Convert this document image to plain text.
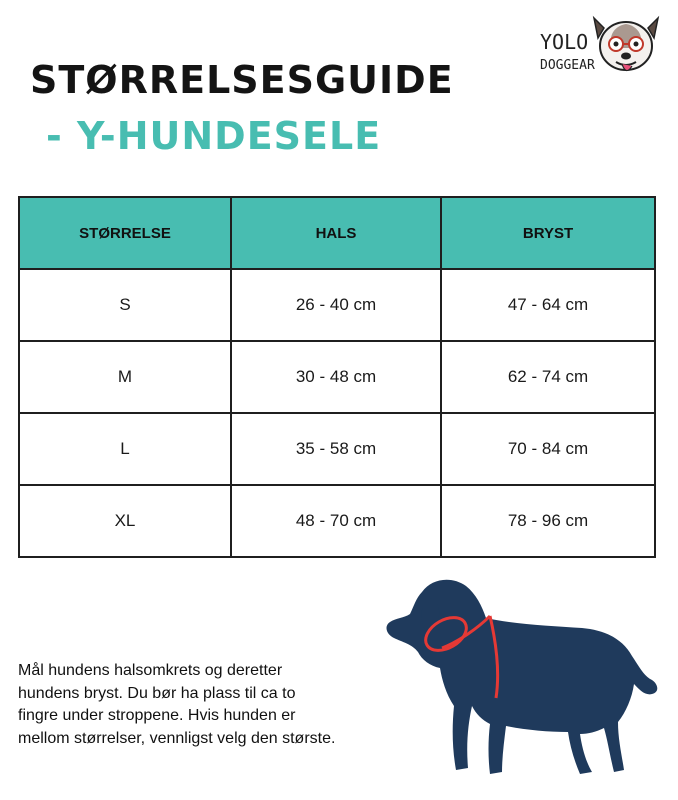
STØRRELSESGUIDE
- Y-HUNDESELE
YOLO
DOGGEAR
STØRRELSE	HALS	BRYST
S	26 - 40 cm	47 - 64 cm
M	30 - 48 cm	62 - 74 cm
L	35 - 58 cm	70 - 84 cm
XL	48 - 70 cm	78 - 96 cm

Mål hundens halsomkrets og deretter
hundens bryst. Du bør ha plass til ca to
fingre under stroppene. Hvis hunden er
mellom størrelser, vennligst velg den største.
